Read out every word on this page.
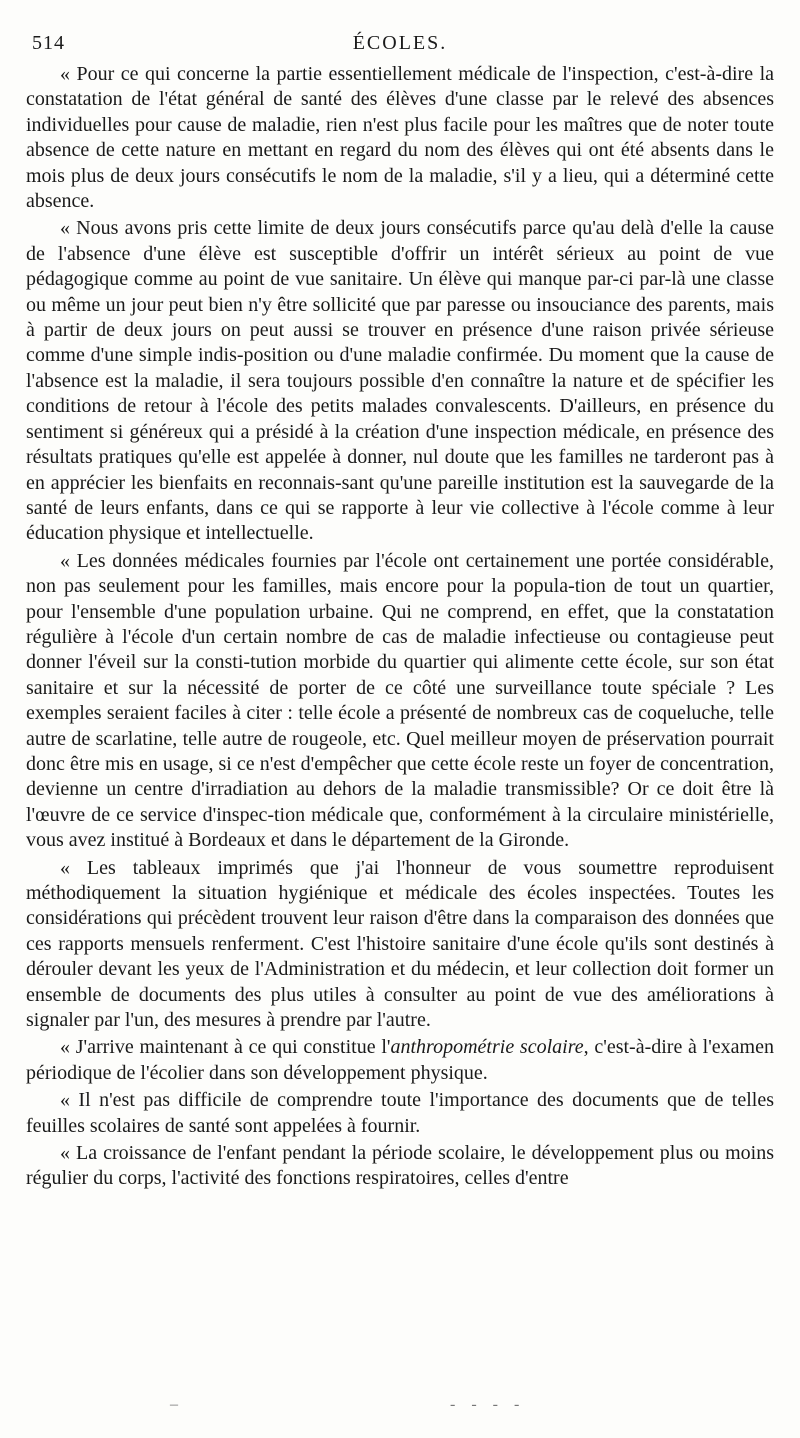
514	ÉCOLES.

« Pour ce qui concerne la partie essentiellement médicale de l'inspection, c'est-à-dire la constatation de l'état général de santé des élèves d'une classe par le relevé des absences individuelles pour cause de maladie, rien n'est plus facile pour les maîtres que de noter toute absence de cette nature en mettant en regard du nom des élèves qui ont été absents dans le mois plus de deux jours consécutifs le nom de la maladie, s'il y a lieu, qui a déterminé cette absence.

« Nous avons pris cette limite de deux jours consécutifs parce qu'au delà d'elle la cause de l'absence d'une élève est susceptible d'offrir un intérêt sérieux au point de vue pédagogique comme au point de vue sanitaire. Un élève qui manque par-ci par-là une classe ou même un jour peut bien n'y être sollicité que par paresse ou insouciance des parents, mais à partir de deux jours on peut aussi se trouver en présence d'une raison privée sérieuse comme d'une simple indis-position ou d'une maladie confirmée. Du moment que la cause de l'absence est la maladie, il sera toujours possible d'en connaître la nature et de spécifier les conditions de retour à l'école des petits malades convalescents. D'ailleurs, en présence du sentiment si généreux qui a présidé à la création d'une inspection médicale, en présence des résultats pratiques qu'elle est appelée à donner, nul doute que les familles ne tarderont pas à en apprécier les bienfaits en reconnais-sant qu'une pareille institution est la sauvegarde de la santé de leurs enfants, dans ce qui se rapporte à leur vie collective à l'école comme à leur éducation physique et intellectuelle.

« Les données médicales fournies par l'école ont certainement une portée considérable, non pas seulement pour les familles, mais encore pour la popula-tion de tout un quartier, pour l'ensemble d'une population urbaine. Qui ne comprend, en effet, que la constatation régulière à l'école d'un certain nombre de cas de maladie infectieuse ou contagieuse peut donner l'éveil sur la consti-tution morbide du quartier qui alimente cette école, sur son état sanitaire et sur la nécessité de porter de ce côté une surveillance toute spéciale ? Les exemples seraient faciles à citer : telle école a présenté de nombreux cas de coqueluche, telle autre de scarlatine, telle autre de rougeole, etc. Quel meilleur moyen de préservation pourrait donc être mis en usage, si ce n'est d'empêcher que cette école reste un foyer de concentration, devienne un centre d'irradiation au dehors de la maladie transmissible? Or ce doit être là l'œuvre de ce service d'inspec-tion médicale que, conformément à la circulaire ministérielle, vous avez institué à Bordeaux et dans le département de la Gironde.

« Les tableaux imprimés que j'ai l'honneur de vous soumettre reproduisent méthodiquement la situation hygiénique et médicale des écoles inspectées. Toutes les considérations qui précèdent trouvent leur raison d'être dans la comparaison des données que ces rapports mensuels renferment. C'est l'histoire sanitaire d'une école qu'ils sont destinés à dérouler devant les yeux de l'Administration et du médecin, et leur collection doit former un ensemble de documents des plus utiles à consulter au point de vue des améliorations à signaler par l'un, des mesures à prendre par l'autre.

« J'arrive maintenant à ce qui constitue l'anthropométrie scolaire, c'est-à-dire à l'examen périodique de l'écolier dans son développement physique.

« Il n'est pas difficile de comprendre toute l'importance des documents que de telles feuilles scolaires de santé sont appelées à fournir.

« La croissance de l'enfant pendant la période scolaire, le développement plus ou moins régulier du corps, l'activité des fonctions respiratoires, celles d'entre

–	- - - -
